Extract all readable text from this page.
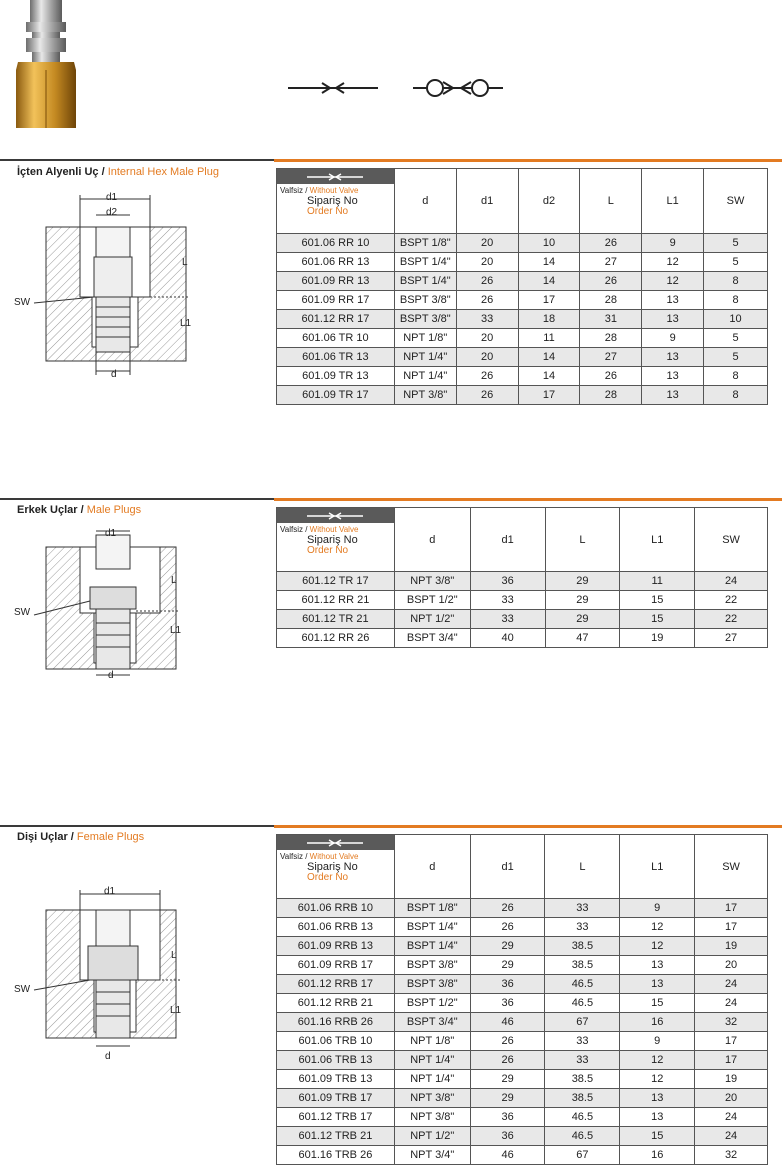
İçten Alyenli Uç / Internal Hex Male Plug
d1
d2
L
L1
SW
d
Valfsiz / Without Valve
Sipariş No
Order No	d	d1	d2	L	L1	SW
601.06 RR 10	BSPT 1/8"	20	10	26	9	5
601.06 RR 13	BSPT 1/4"	20	14	27	12	5
601.09 RR 13	BSPT 1/4"	26	14	26	12	8
601.09 RR 17	BSPT 3/8"	26	17	28	13	8
601.12 RR 17	BSPT 3/8"	33	18	31	13	10
601.06 TR 10	NPT 1/8"	20	11	28	9	5
601.06 TR 13	NPT 1/4"	20	14	27	13	5
601.09 TR 13	NPT 1/4"	26	14	26	13	8
601.09 TR 17	NPT 3/8"	26	17	28	13	8
Erkek Uçlar / Male Plugs
d1
L
L1
SW
d
Valfsiz / Without Valve
Sipariş No
Order No	d	d1	L	L1	SW
601.12 TR 17	NPT 3/8"	36	29	11	24
601.12 RR 21	BSPT 1/2"	33	29	15	22
601.12 TR 21	NPT 1/2"	33	29	15	22
601.12 RR 26	BSPT 3/4"	40	47	19	27
Dişi Uçlar / Female Plugs
d1
L
L1
SW
d
Valfsiz / Without Valve
Sipariş No
Order No	d	d1	L	L1	SW
601.06 RRB 10	BSPT 1/8"	26	33	9	17
601.06 RRB 13	BSPT 1/4"	26	33	12	17
601.09 RRB 13	BSPT 1/4"	29	38.5	12	19
601.09 RRB 17	BSPT 3/8"	29	38.5	13	20
601.12 RRB 17	BSPT 3/8"	36	46.5	13	24
601.12 RRB 21	BSPT 1/2"	36	46.5	15	24
601.16 RRB 26	BSPT 3/4"	46	67	16	32
601.06 TRB 10	NPT 1/8"	26	33	9	17
601.06 TRB 13	NPT 1/4"	26	33	12	17
601.09 TRB 13	NPT 1/4"	29	38.5	12	19
601.09 TRB 17	NPT 3/8"	29	38.5	13	20
601.12 TRB 17	NPT 3/8"	36	46.5	13	24
601.12 TRB 21	NPT 1/2"	36	46.5	15	24
601.16 TRB 26	NPT 3/4"	46	67	16	32
